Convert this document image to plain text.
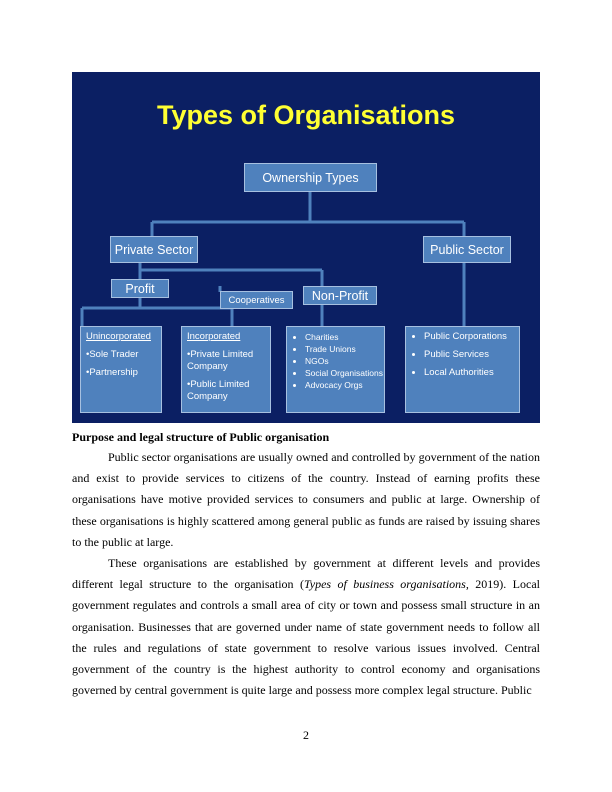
Types of Organisations
Ownership Types
Private Sector	Public Sector
Profit
Cooperatives	Non-Profit
Unincorporated
•Sole Trader
•Partnership
Incorporated
•Private Limited Company
•Public Limited Company
• Charities
• Trade Unions
• NGOs
• Social Organisations
• Advocacy Orgs
• Public Corporations
• Public Services
• Local Authorities
Purpose and legal structure of Public organisation

Public sector organisations are usually owned and controlled by government of the nation and exist to provide services to citizens of the country. Instead of earning profits these organisations have motive provided services to consumers and public at large. Ownership of these organisations is highly scattered among general public as funds are raised by issuing shares to the public at large.

These organisations are established by government at different levels and provides different legal structure to the organisation (Types of business organisations, 2019). Local government regulates and controls a small area of city or town and possess small structure in an organisation. Businesses that are governed under name of state government needs to follow all the rules and regulations of state government to resolve various issues involved. Central government of the country is the highest authority to control economy and organisations governed by central government is quite large and possess more complex legal structure. Public

2
